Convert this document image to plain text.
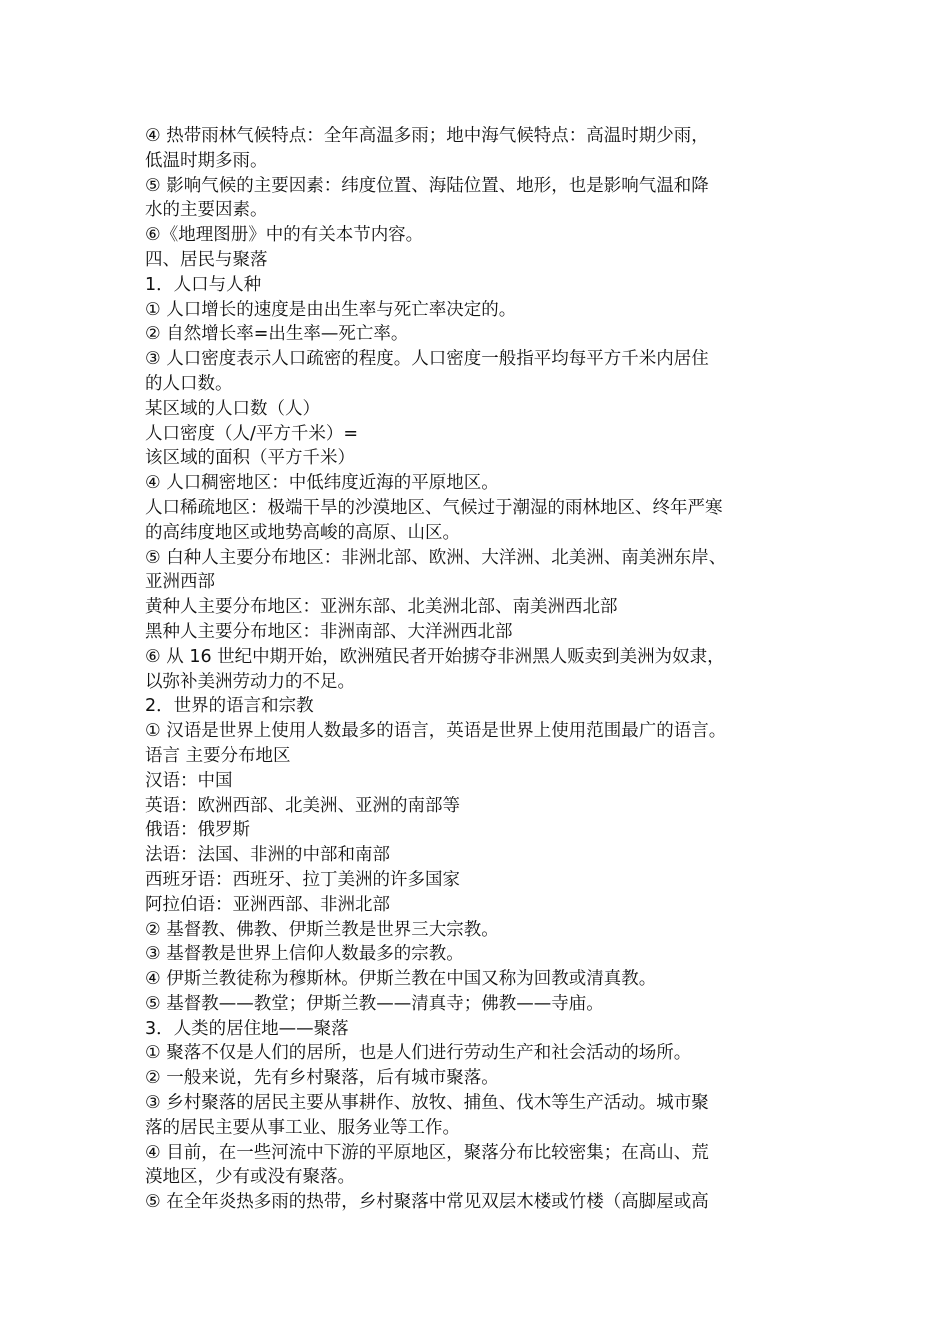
④ 热带雨林气候特点：全年高温多雨；地中海气候特点：高温时期少雨，
低温时期多雨。
⑤ 影响气候的主要因素：纬度位置、海陆位置、地形，也是影响气温和降
水的主要因素。
⑥《地理图册》中的有关本节内容。
四、居民与聚落
1．人口与人种
① 人口增长的速度是由出生率与死亡率决定的。
② 自然增长率=出生率—死亡率。
③ 人口密度表示人口疏密的程度。人口密度一般指平均每平方千米内居住
的人口数。
某区域的人口数（人）
人口密度（人/平方千米）=
该区域的面积（平方千米）
④ 人口稠密地区：中低纬度近海的平原地区。
人口稀疏地区：极端干旱的沙漠地区、气候过于潮湿的雨林地区、终年严寒
的高纬度地区或地势高峻的高原、山区。
⑤ 白种人主要分布地区：非洲北部、欧洲、大洋洲、北美洲、南美洲东岸、
亚洲西部
黄种人主要分布地区：亚洲东部、北美洲北部、南美洲西北部
黑种人主要分布地区：非洲南部、大洋洲西北部
⑥ 从 16 世纪中期开始，欧洲殖民者开始掳夺非洲黑人贩卖到美洲为奴隶，
以弥补美洲劳动力的不足。
2．世界的语言和宗教
① 汉语是世界上使用人数最多的语言，英语是世界上使用范围最广的语言。
语言 主要分布地区
汉语：中国
英语：欧洲西部、北美洲、亚洲的南部等
俄语：俄罗斯
法语：法国、非洲的中部和南部
西班牙语：西班牙、拉丁美洲的许多国家
阿拉伯语：亚洲西部、非洲北部
② 基督教、佛教、伊斯兰教是世界三大宗教。
③ 基督教是世界上信仰人数最多的宗教。
④ 伊斯兰教徒称为穆斯林。伊斯兰教在中国又称为回教或清真教。
⑤ 基督教——教堂；伊斯兰教——清真寺；佛教——寺庙。
3．人类的居住地——聚落
① 聚落不仅是人们的居所，也是人们进行劳动生产和社会活动的场所。
② 一般来说，先有乡村聚落，后有城市聚落。
③ 乡村聚落的居民主要从事耕作、放牧、捕鱼、伐木等生产活动。城市聚
落的居民主要从事工业、服务业等工作。
④ 目前，在一些河流中下游的平原地区，聚落分布比较密集；在高山、荒
漠地区，少有或没有聚落。
⑤ 在全年炎热多雨的热带，乡村聚落中常见双层木楼或竹楼（高脚屋或高
